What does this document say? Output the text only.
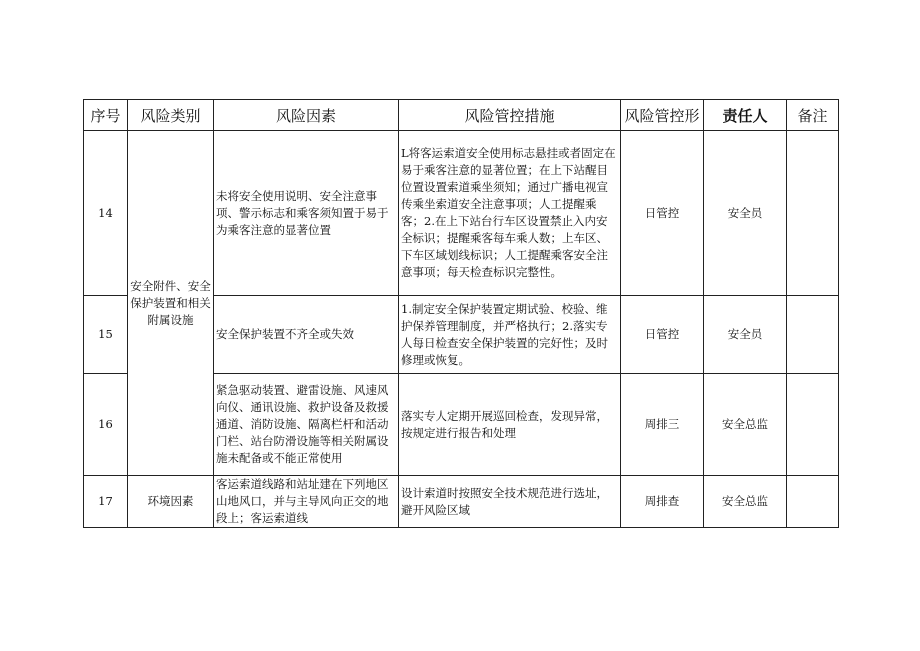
序号	风险类别	风险因素	风险管控措施	风险管控形	责任人	备注
14	安全附件、安全保护装置和相关附属设施	未将安全使用说明、安全注意事项、警示标志和乘客须知置于易于为乘客注意的显著位置	L将客运索道安全使用标志悬挂或者固定在易于乘客注意的显著位置；在上下站醒目位置设置索道乘坐须知；通过广播电视宣传乘坐索道安全注意事项；人工提醒乘客；2.在上下站台行车区设置禁止入内安全标识；提醒乘客每车乘人数；上车区、下车区域划线标识；人工提醒乘客安全注意事项；每天检查标识完整性。	日管控	安全员	
15		安全保护装置不齐全或失效	1.制定安全保护装置定期试验、校验、维护保养管理制度，并严格执行；2.落实专人每日检查安全保护装置的完好性；及时修理或恢复。	日管控	安全员	
16		紧急驱动装置、避雷设施、风速风向仪、通讯设施、救护设备及救援通道、消防设施、隔离栏杆和活动门栏、站台防滑设施等相关附属设施未配备或不能正常使用	落实专人定期开展巡回检查，发现异常，按规定进行报告和处理	周排三	安全总监	
17	环境因素	客运索道线路和站址建在下列地区山地风口，并与主导风向正交的地段上；客运索道线	设计索道时按照安全技术规范进行选址，避开风险区域	周排查	安全总监	
